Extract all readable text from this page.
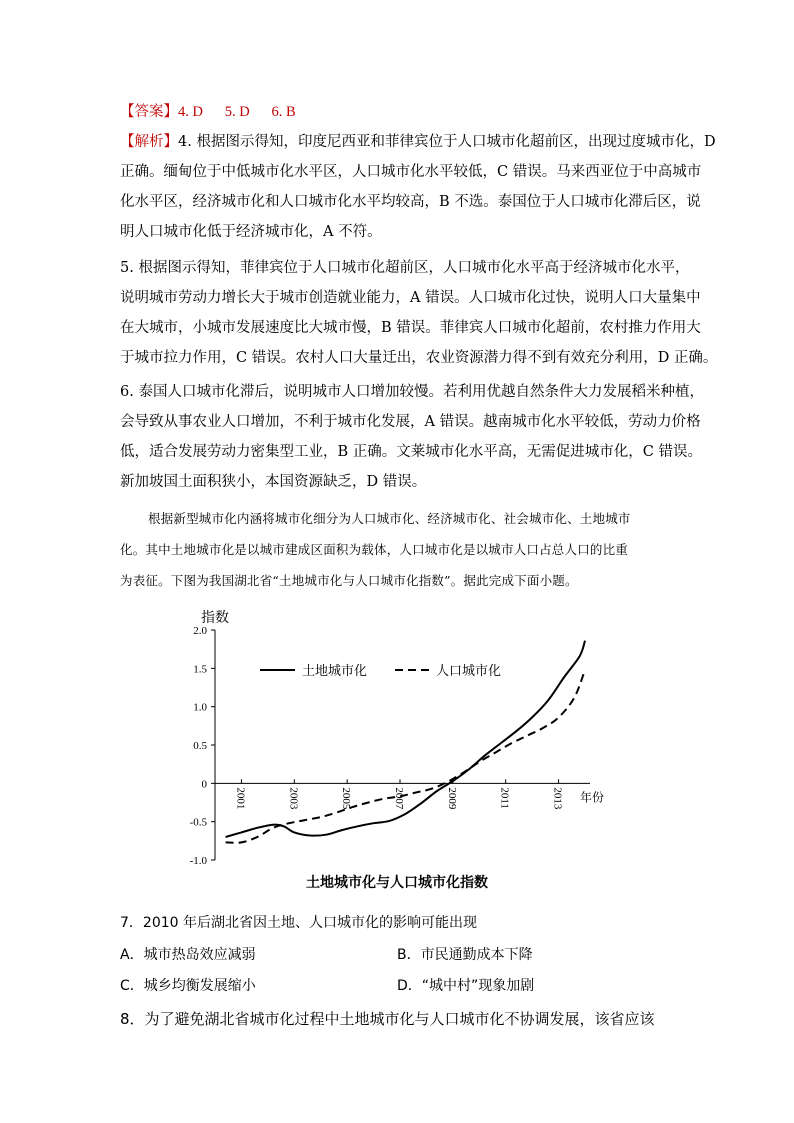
【答案】4. D      5. D      6. B
【解析】4. 根据图示得知，印度尼西亚和菲律宾位于人口城市化超前区，出现过度城市化，D
正确。缅甸位于中低城市化水平区，人口城市化水平较低，C 错误。马来西亚位于中高城市
化水平区，经济城市化和人口城市化水平均较高，B 不选。泰国位于人口城市化滞后区，说
明人口城市化低于经济城市化，A 不符。
5. 根据图示得知，菲律宾位于人口城市化超前区，人口城市化水平高于经济城市化水平，
说明城市劳动力增长大于城市创造就业能力，A 错误。人口城市化过快，说明人口大量集中
在大城市，小城市发展速度比大城市慢，B 错误。菲律宾人口城市化超前，农村推力作用大
于城市拉力作用，C 错误。农村人口大量迁出，农业资源潜力得不到有效充分利用，D 正确。
6. 泰国人口城市化滞后，说明城市人口增加较慢。若利用优越自然条件大力发展稻米种植，
会导致从事农业人口增加，不利于城市化发展，A 错误。越南城市化水平较低，劳动力价格
低，适合发展劳动力密集型工业，B 正确。文莱城市化水平高，无需促进城市化，C 错误。
新加坡国土面积狭小，本国资源缺乏，D 错误。
根据新型城市化内涵将城市化细分为人口城市化、经济城市化、社会城市化、土地城市
化。其中土地城市化是以城市建成区面积为载体，人口城市化是以城市人口占总人口的比重
为表征。下图为我国湖北省“土地城市化与人口城市化指数”。据此完成下面小题。
指数
年份
2.0
1.5
1.0
0.5
0
-0.5
-1.0
2001	2003	2005	2007	2009	2011	2013
土地城市化	人口城市化
土地城市化与人口城市化指数
7．2010 年后湖北省因土地、人口城市化的影响可能出现
A．城市热岛效应减弱	B．市民通勤成本下降
C．城乡均衡发展缩小	D．“城中村”现象加剧
8．为了避免湖北省城市化过程中土地城市化与人口城市化不协调发展，该省应该
